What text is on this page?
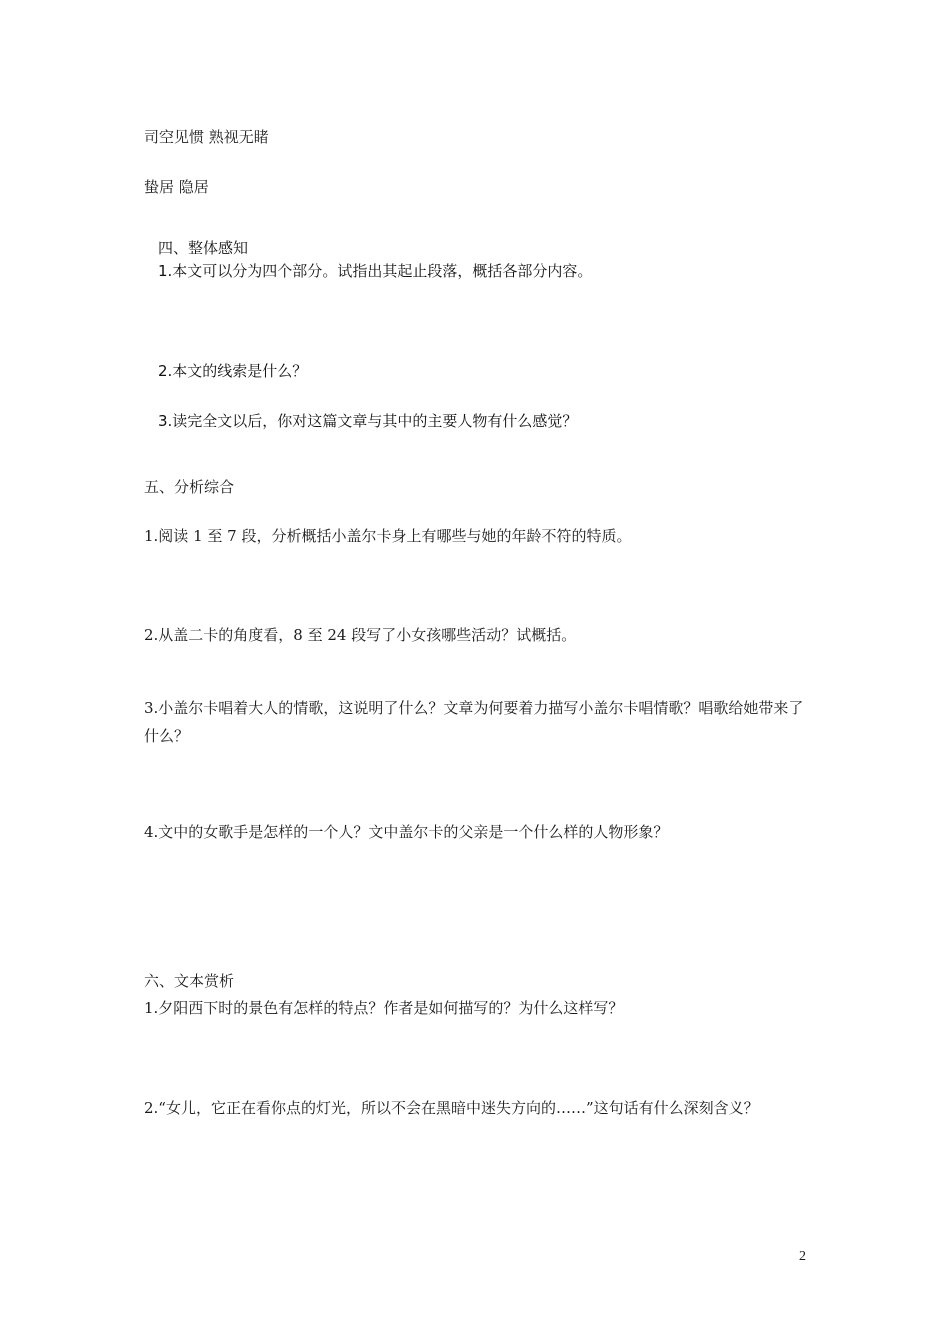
司空见惯 熟视无睹
蛰居 隐居
四、整体感知
1.本文可以分为四个部分。试指出其起止段落，概括各部分内容。
2.本文的线索是什么？
3.读完全文以后，你对这篇文章与其中的主要人物有什么感觉？
五、分析综合
1.阅读 1 至 7 段，分析概括小盖尔卡身上有哪些与她的年龄不符的特质。
2.从盖二卡的角度看，8 至 24 段写了小女孩哪些活动？试概括。
3.小盖尔卡唱着大人的情歌，这说明了什么？文章为何要着力描写小盖尔卡唱情歌？唱歌给她带来了什么？
4.文中的女歌手是怎样的一个人？文中盖尔卡的父亲是一个什么样的人物形象？
六、文本赏析
1.夕阳西下时的景色有怎样的特点？作者是如何描写的？为什么这样写？
2.“女儿，它正在看你点的灯光，所以不会在黑暗中迷失方向的……”这句话有什么深刻含义？
2
